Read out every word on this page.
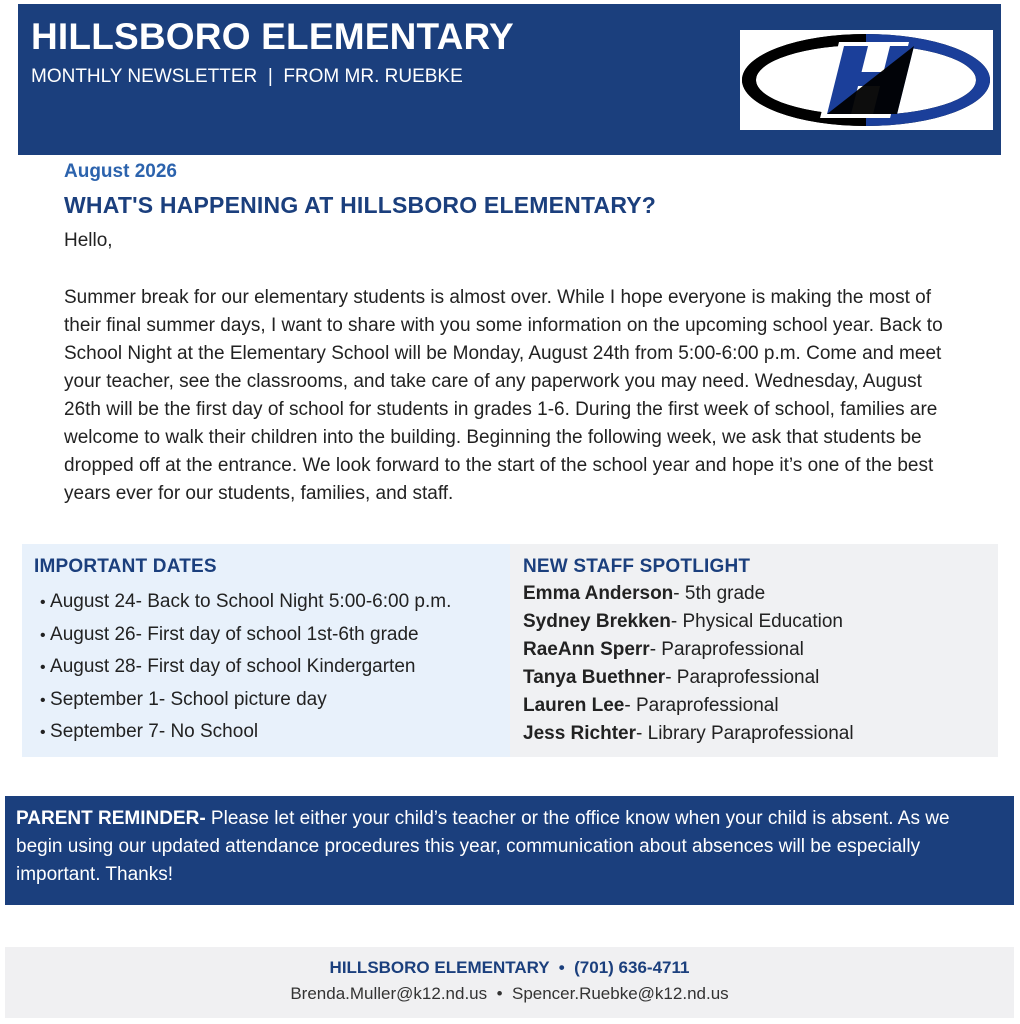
HILLSBORO ELEMENTARY
MONTHLY NEWSLETTER  |  FROM MR. RUEBKE
August 2026
WHAT'S HAPPENING AT HILLSBORO ELEMENTARY?
Hello,
Summer break for our elementary students is almost over. While I hope everyone is making the most of their final summer days, I want to share with you some information on the upcoming school year. Back to School Night at the Elementary School will be Monday, August 24th from 5:00-6:00 p.m. Come and meet your teacher, see the classrooms, and take care of any paperwork you may need. Wednesday, August 26th will be the first day of school for students in grades 1-6. During the first week of school, families are welcome to walk their children into the building. Beginning the following week, we ask that students be dropped off at the entrance. We look forward to the start of the school year and hope it’s one of the best years ever for our students, families, and staff.
IMPORTANT DATES
• August 24- Back to School Night 5:00-6:00 p.m.
• August 26- First day of school 1st-6th grade
• August 28- First day of school Kindergarten
• September 1- School picture day
• September 7- No School
NEW STAFF SPOTLIGHT
Emma Anderson- 5th grade
Sydney Brekken- Physical Education
RaeAnn Sperr- Paraprofessional
Tanya Buethner- Paraprofessional
Lauren Lee- Paraprofessional
Jess Richter- Library Paraprofessional
PARENT REMINDER- Please let either your child’s teacher or the office know when your child is absent. As we begin using our updated attendance procedures this year, communication about absences will be especially important. Thanks!
HILLSBORO ELEMENTARY  •  (701) 636-4711
Brenda.Muller@k12.nd.us  •  Spencer.Ruebke@k12.nd.us
